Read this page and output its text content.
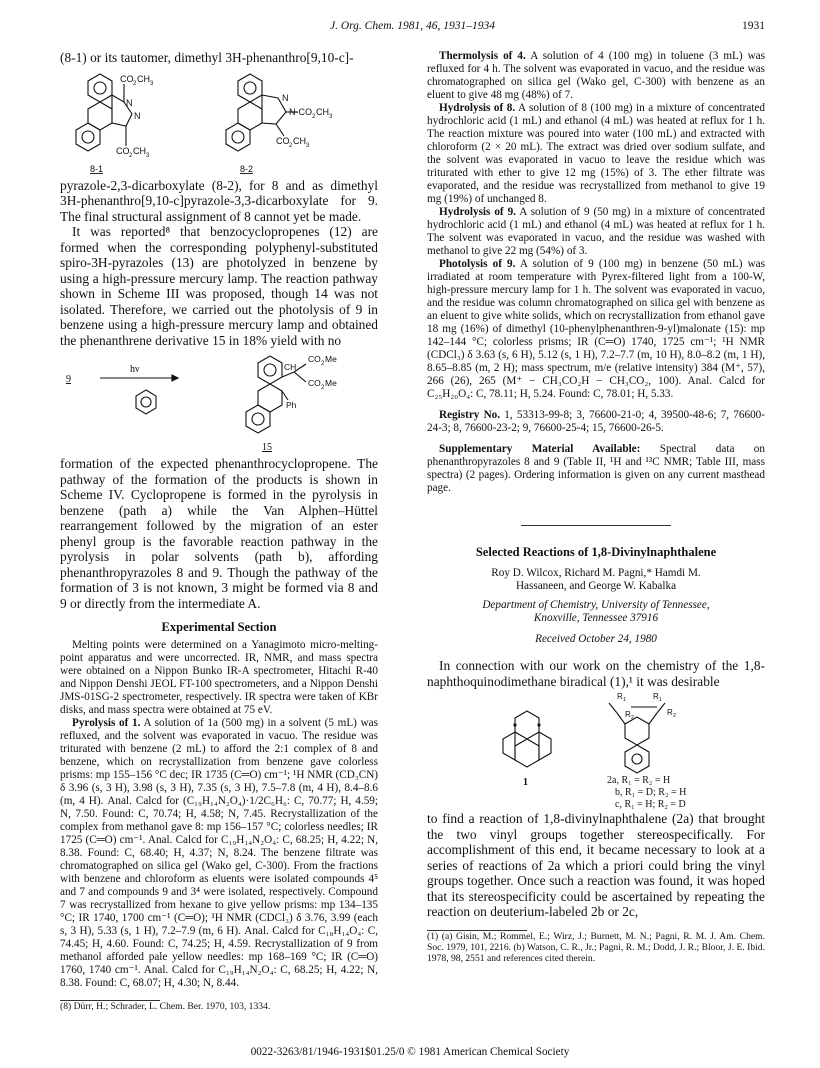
J. Org. Chem. 1981, 46, 1931–1934	1931

(8-1) or its tautomer, dimethyl 3H-phenanthro[9,10-c]-

CO 2 CH 3
N
N
CO 2 CH 3
N
N-CO 2 CH 3
CO 2 CH 3
8-1	8-2

pyrazole-2,3-dicarboxylate (8-2), for 8 and as dimethyl 3H-phenanthro[9,10-c]pyrazole-3,3-dicarboxylate for 9. The final structural assignment of 8 cannot yet be made.

It was reported⁸ that benzocyclopropenes (12) are formed when the corresponding polyphenyl-substituted spiro-3H-pyrazoles (13) are photolyzed in benzene by using a high-pressure mercury lamp. The reaction pathway shown in Scheme III was proposed, though 14 was not isolated. Therefore, we carried out the photolysis of 9 in benzene using a high-pressure mercury lamp and obtained the phenanthrene derivative 15 in 18% yield with no

hν
9
15
CH
CO 2 Me
CO 2 Me
Ph

formation of the expected phenanthrocyclopropene. The pathway of the formation of the products is shown in Scheme IV. Cyclopropene is formed in the pyrolysis in benzene (path a) while the Van Alphen–Hüttel rearrangement followed by the migration of an ester phenyl group is the favorable reaction pathway in the pyrolysis in polar solvents (path b), affording phenanthropyrazoles 8 and 9. Though the pathway of the formation of 3 is not known, 3 might be formed via 8 and 9 or directly from the intermediate A.

Experimental Section

Melting points were determined on a Yanagimoto micro-melting-point apparatus and were uncorrected. IR, NMR, and mass spectra were obtained on a Nippon Bunko IR-A spectrometer, Hitachi R-40 and Nippon Denshi JEOL FT-100 spectrometers, and a Nippon Denshi JMS-01SG-2 spectrometer, respectively. IR spectra were taken of KBr disks, and mass spectra were obtained at 75 eV.

Pyrolysis of 1. A solution of 1a (500 mg) in a solvent (5 mL) was refluxed, and the solvent was evaporated in vacuo. The residue was triturated with benzene (2 mL) to afford the 2:1 complex of 8 and benzene, which on recrystallization from benzene gave colorless prisms: mp 155–156 °C dec; IR 1735 (C═O) cm⁻¹; ¹H NMR (CD₃CN) δ 3.96 (s, 3 H), 3.98 (s, 3 H), 7.35 (s, 3 H), 7.5–7.8 (m, 4 H), 8.4–8.6 (m, 4 H). Anal. Calcd for (C₁₉H₁₄N₂O₄)·1/2C₆H₆: C, 70.77; H, 4.59; N, 7.50. Found: C, 70.74; H, 4.58; N, 7.45. Recrystallization of the complex from methanol gave 8: mp 156–157 °C; colorless needles; IR 1725 (C═O) cm⁻¹. Anal. Calcd for C₁₉H₁₄N₂O₄: C, 68.25; H, 4.22; N, 8.38. Found: C, 68.40; H, 4.37; N, 8.24. The benzene filtrate was chromatographed on silica gel (Wako gel, C-300). From the fractions with benzene and chloroform as eluents were isolated compounds 4⁵ and 7 and compounds 9 and 3⁴ were isolated, respectively. Compound 7 was recrystallized from hexane to give yellow prisms: mp 134–135 °C; IR 1740, 1700 cm⁻¹ (C═O); ¹H NMR (CDCl₃) δ 3.76, 3.99 (each s, 3 H), 5.33 (s, 1 H), 7.2–7.9 (m, 6 H). Anal. Calcd for C₁₈H₁₄O₄: C, 74.45; H, 4.60. Found: C, 74.25; H, 4.59. Recrystallization of 9 from methanol afforded pale yellow needles: mp 168–169 °C; IR (C═O) 1760, 1740 cm⁻¹. Anal. Calcd for C₁₉H₁₄N₂O₄: C, 68.25; H, 4.22; N, 8.38. Found: C, 68.07; H, 4.30; N, 8.44.

(8) Dürr, H.; Schrader, L. Chem. Ber. 1970, 103, 1334.

Thermolysis of 4. A solution of 4 (100 mg) in toluene (3 mL) was refluxed for 4 h. The solvent was evaporated in vacuo, and the residue was chromatographed on silica gel (Wako gel, C-300) with benzene as an eluent to give 48 mg (48%) of 7.

Hydrolysis of 8. A solution of 8 (100 mg) in a mixture of concentrated hydrochloric acid (1 mL) and ethanol (4 mL) was heated at reflux for 1 h. The reaction mixture was poured into water (100 mL) and extracted with chloroform (2 × 20 mL). The extract was dried over sodium sulfate, and the solvent was evaporated in vacuo to leave the residue which was triturated with ether to give 12 mg (15%) of 3. The ether filtrate was evaporated, and the residue was recrystallized from methanol to give 19 mg (19%) of unchanged 8.

Hydrolysis of 9. A solution of 9 (50 mg) in a mixture of concentrated hydrochloric acid (1 mL) and ethanol (4 mL) was heated at reflux for 1 h. The solvent was evaporated in vacuo, and the residue was washed with methanol to give 22 mg (54%) of 3.

Photolysis of 9. A solution of 9 (100 mg) in benzene (50 mL) was irradiated at room temperature with Pyrex-filtered light from a 100-W, high-pressure mercury lamp for 1 h. The solvent was evaporated in vacuo, and the residue was column chromatographed on silica gel with benzene as an eluent to give white solids, which on recrystallization from ethanol gave 18 mg (16%) of dimethyl (10-phenylphenanthren-9-yl)malonate (15): mp 142–144 °C; colorless prisms; IR (C═O) 1740, 1725 cm⁻¹; ¹H NMR (CDCl₃) δ 3.63 (s, 6 H), 5.12 (s, 1 H), 7.2–7.7 (m, 10 H), 8.0–8.2 (m, 1 H), 8.65–8.85 (m, 2 H); mass spectrum, m/e (relative intensity) 384 (M⁺, 57), 266 (26), 265 (M⁺ − CH₃CO₂H − CH₃CO₂, 100). Anal. Calcd for C₂₅H₂₀O₄: C, 78.11; H, 5.24. Found: C, 78.01; H, 5.33.

Registry No. 1, 53313-99-8; 3, 76600-21-0; 4, 39500-48-6; 7, 76600-24-3; 8, 76600-23-2; 9, 76600-25-4; 15, 76600-26-5.

Supplementary Material Available: Spectral data on phenanthropyrazoles 8 and 9 (Table II, ¹H and ¹³C NMR; Table III, mass spectra) (2 pages). Ordering information is given on any current masthead page.

Selected Reactions of 1,8-Divinylnaphthalene

Roy D. Wilcox, Richard M. Pagni,* Hamdi M. Hassaneen, and George W. Kabalka

Department of Chemistry, University of Tennessee,

Knoxville, Tennessee 37916

Received October 24, 1980

In connection with our work on the chemistry of the 1,8-naphthoquinodimethane biradical (1),¹ it was desirable

R 1	R 1
R 2
R 2
1	2a, R₁ = R₂ = H
b, R₁ = D; R₂ = H
c, R₁ = H; R₂ = D

to find a reaction of 1,8-divinylnaphthalene (2a) that brought the two vinyl groups together stereospecifically. For accomplishment of this end, it became necessary to look at a series of reactions of 2a which a priori could bring the vinyl groups together. Once such a reaction was found, it was hoped that its stereospecificity could be ascertained by repeating the reaction on deuterium-labeled 2b or 2c,

(1) (a) Gisin, M.; Rommel, E.; Wirz, J.; Burnett, M. N.; Pagni, R. M. J. Am. Chem. Soc. 1979, 101, 2216. (b) Watson, C. R., Jr.; Pagni, R. M.; Dodd, J. R.; Bloor, J. E. Ibid. 1978, 98, 2551 and references cited therein.

0022-3263/81/1946-1931$01.25/0 © 1981 American Chemical Society
